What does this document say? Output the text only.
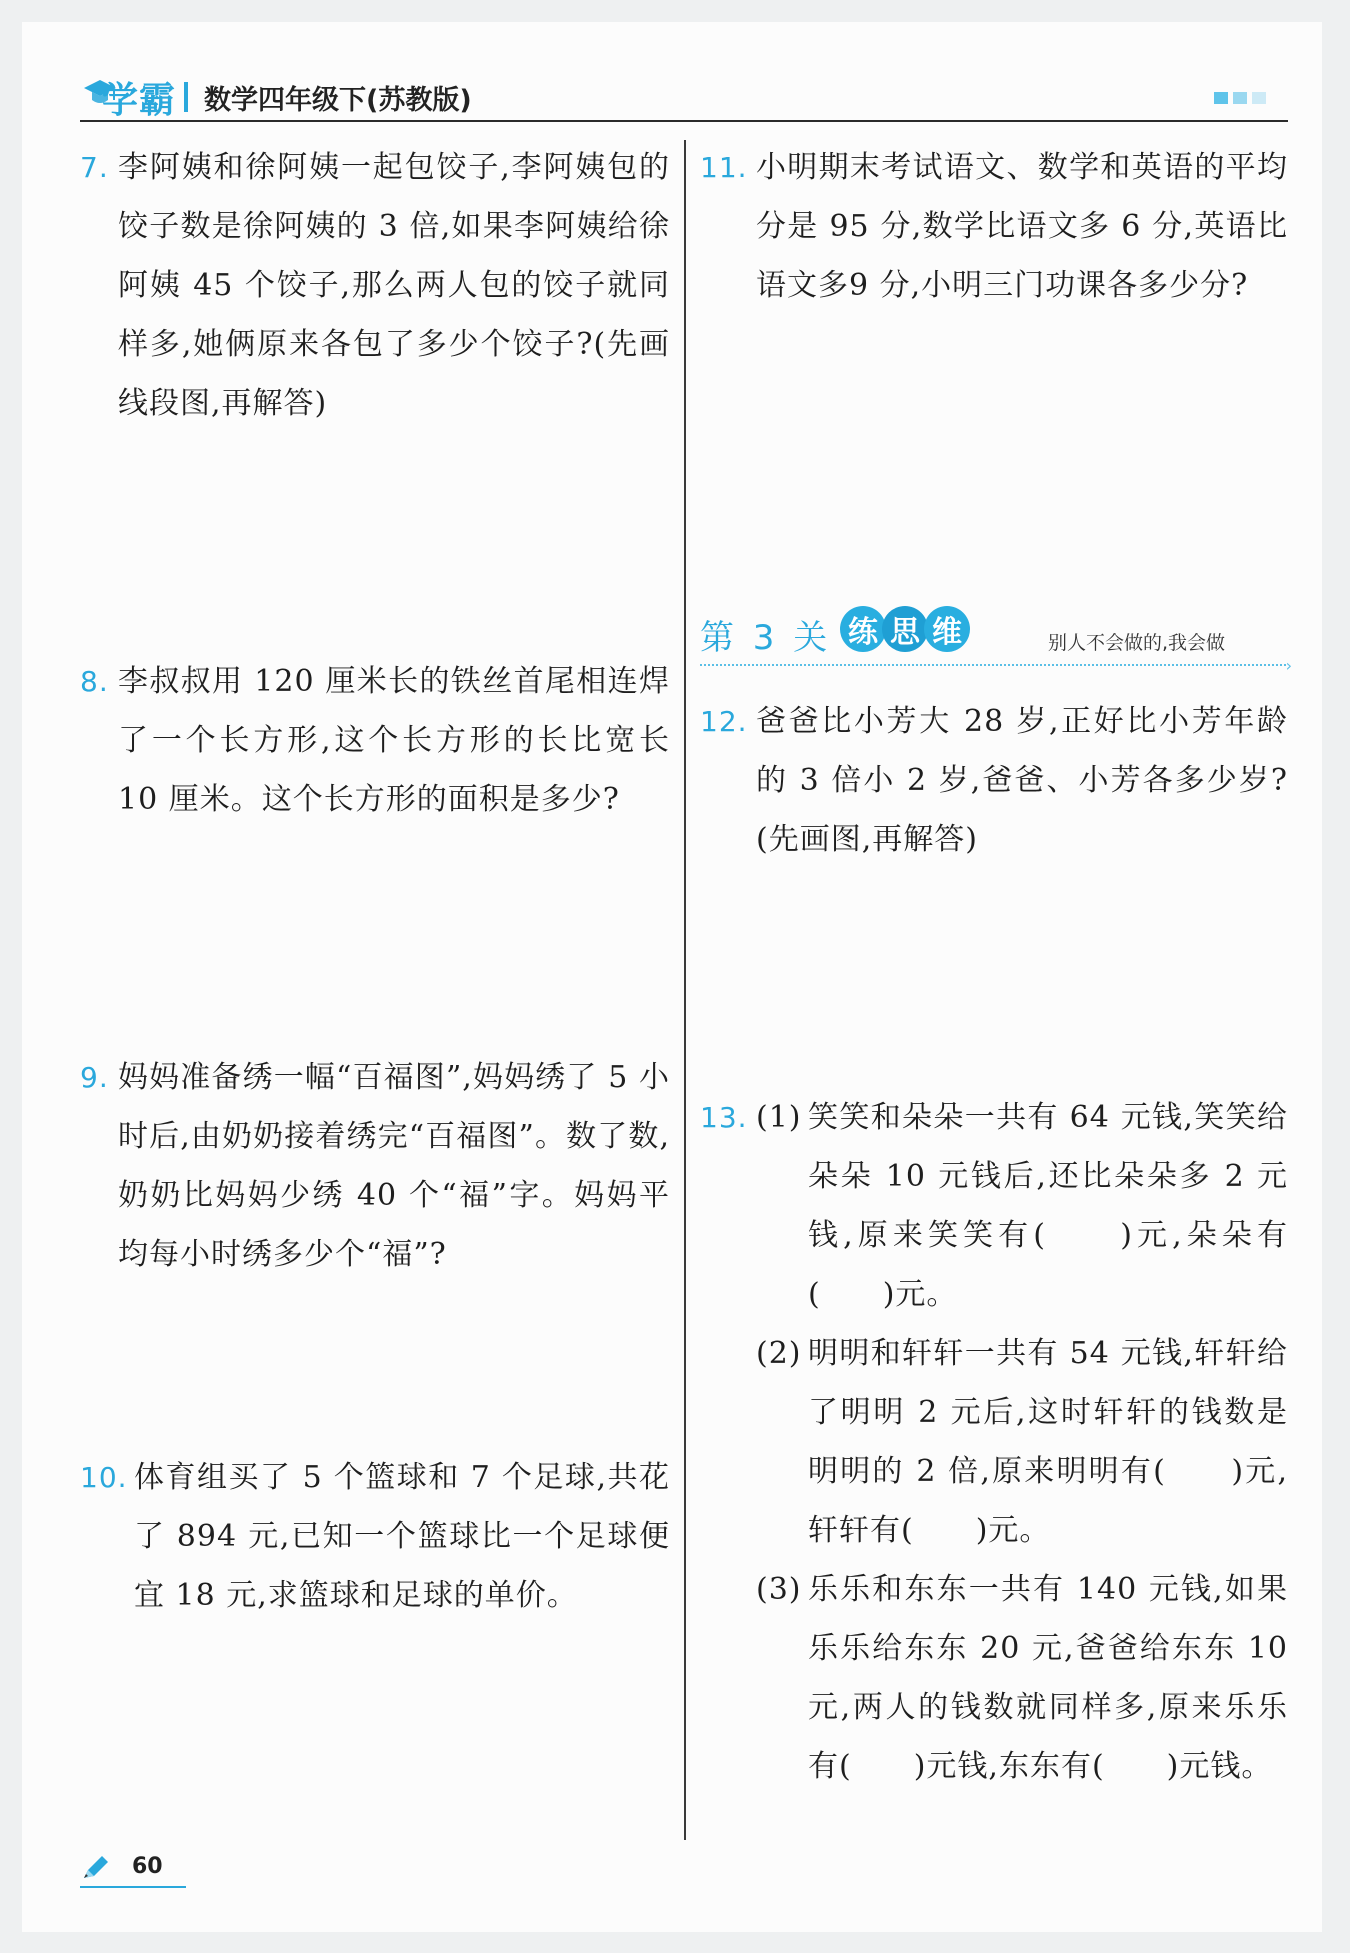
学霸 数学四年级下(苏教版)
7. 李阿姨和徐阿姨一起包饺子,李阿姨包的饺子数是徐阿姨的 3 倍,如果李阿姨给徐阿姨 45 个饺子,那么两人包的饺子就同样多,她俩原来各包了多少个饺子?(先画线段图,再解答)
8. 李叔叔用 120 厘米长的铁丝首尾相连焊了一个长方形,这个长方形的长比宽长 10 厘米。这个长方形的面积是多少?
9. 妈妈准备绣一幅“百福图”,妈妈绣了 5 小时后,由奶奶接着绣完“百福图”。数了数,奶奶比妈妈少绣 40 个“福”字。妈妈平均每小时绣多少个“福”?
10. 体育组买了 5 个篮球和 7 个足球,共花了 894 元,已知一个篮球比一个足球便宜 18 元,求篮球和足球的单价。
11. 小明期末考试语文、数学和英语的平均分是 95 分,数学比语文多 6 分,英语比语文多9 分,小明三门功课各多少分?
第 3 关 练 思 维	别人不会做的,我会做
›
12. 爸爸比小芳大 28 岁,正好比小芳年龄的 3 倍小 2 岁,爸爸、小芳各多少岁?(先画图,再解答)
13. (1) 笑笑和朵朵一共有 64 元钱,笑笑给朵朵 10 元钱后,还比朵朵多 2 元钱,原来笑笑有(　　)元,朵朵有(　　)元。
(2) 明明和轩轩一共有 54 元钱,轩轩给了明明 2 元后,这时轩轩的钱数是明明的 2 倍,原来明明有(　　)元,轩轩有(　　)元。
(3) 乐乐和东东一共有 140 元钱,如果乐乐给东东 20 元,爸爸给东东 10 元,两人的钱数就同样多,原来乐乐有(　　)元钱,东东有(　　)元钱。
60
